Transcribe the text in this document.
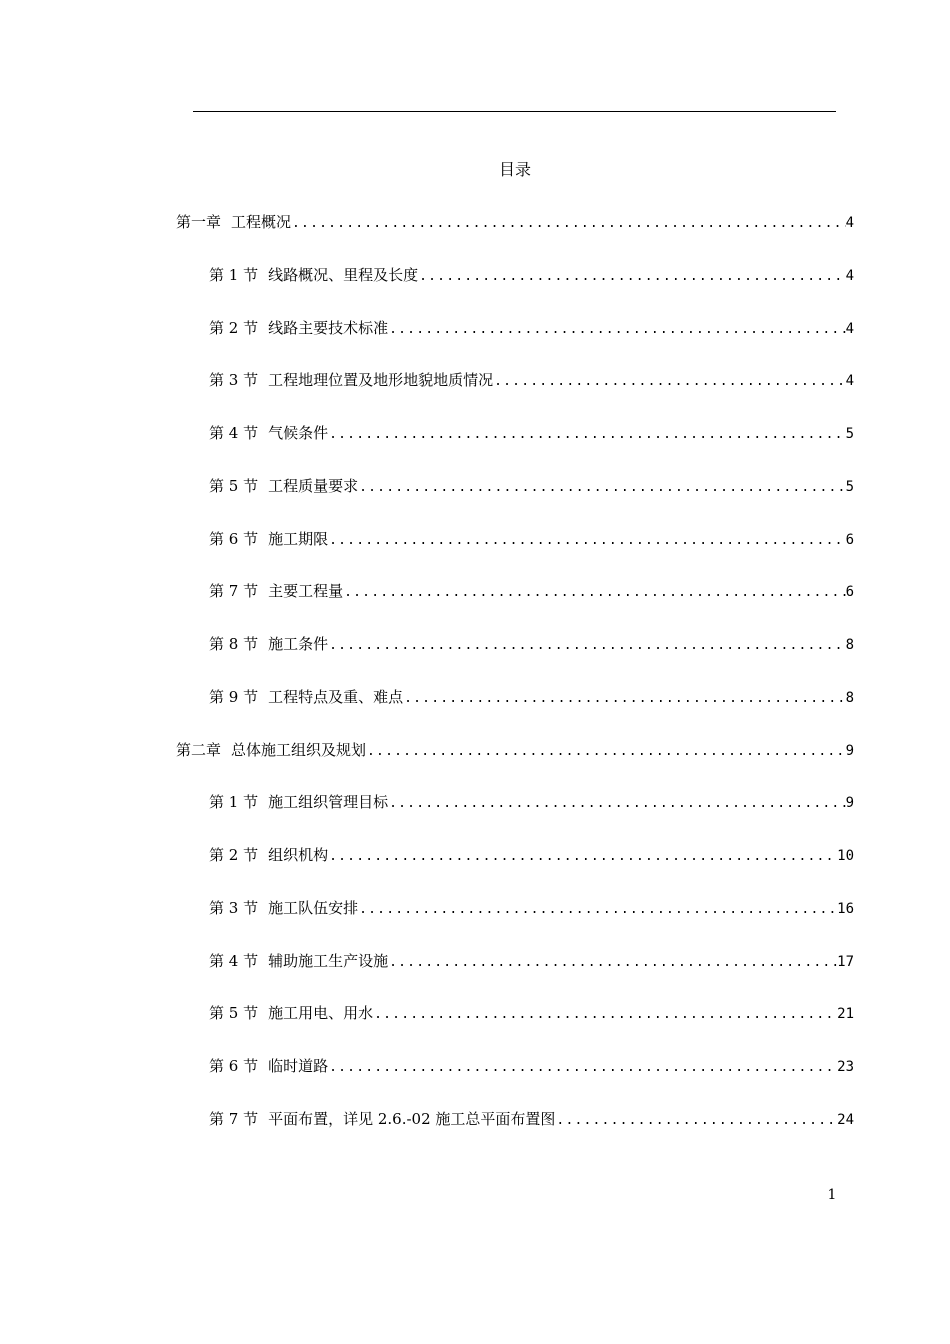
目录
第一章 工程概况 .....	4
第 1 节 线路概况、里程及长度 .....	4
第 2 节 线路主要技术标准 .....	4
第 3 节 工程地理位置及地形地貌地质情况 .....	4
第 4 节 气候条件 .....	5
第 5 节 工程质量要求 .....	5
第 6 节 施工期限 .....	6
第 7 节 主要工程量 .....	6
第 8 节 施工条件 .....	8
第 9 节 工程特点及重、难点 .....	8
第二章 总体施工组织及规划 .....	9
第 1 节 施工组织管理目标 .....	9
第 2 节 组织机构 .....	10
第 3 节 施工队伍安排 .....	16
第 4 节 辅助施工生产设施 .....	17
第 5 节 施工用电、用水 .....	21
第 6 节 临时道路 .....	23
第 7 节 平面布置，详见 2.6.-02 施工总平面布置图 .....	24
1
